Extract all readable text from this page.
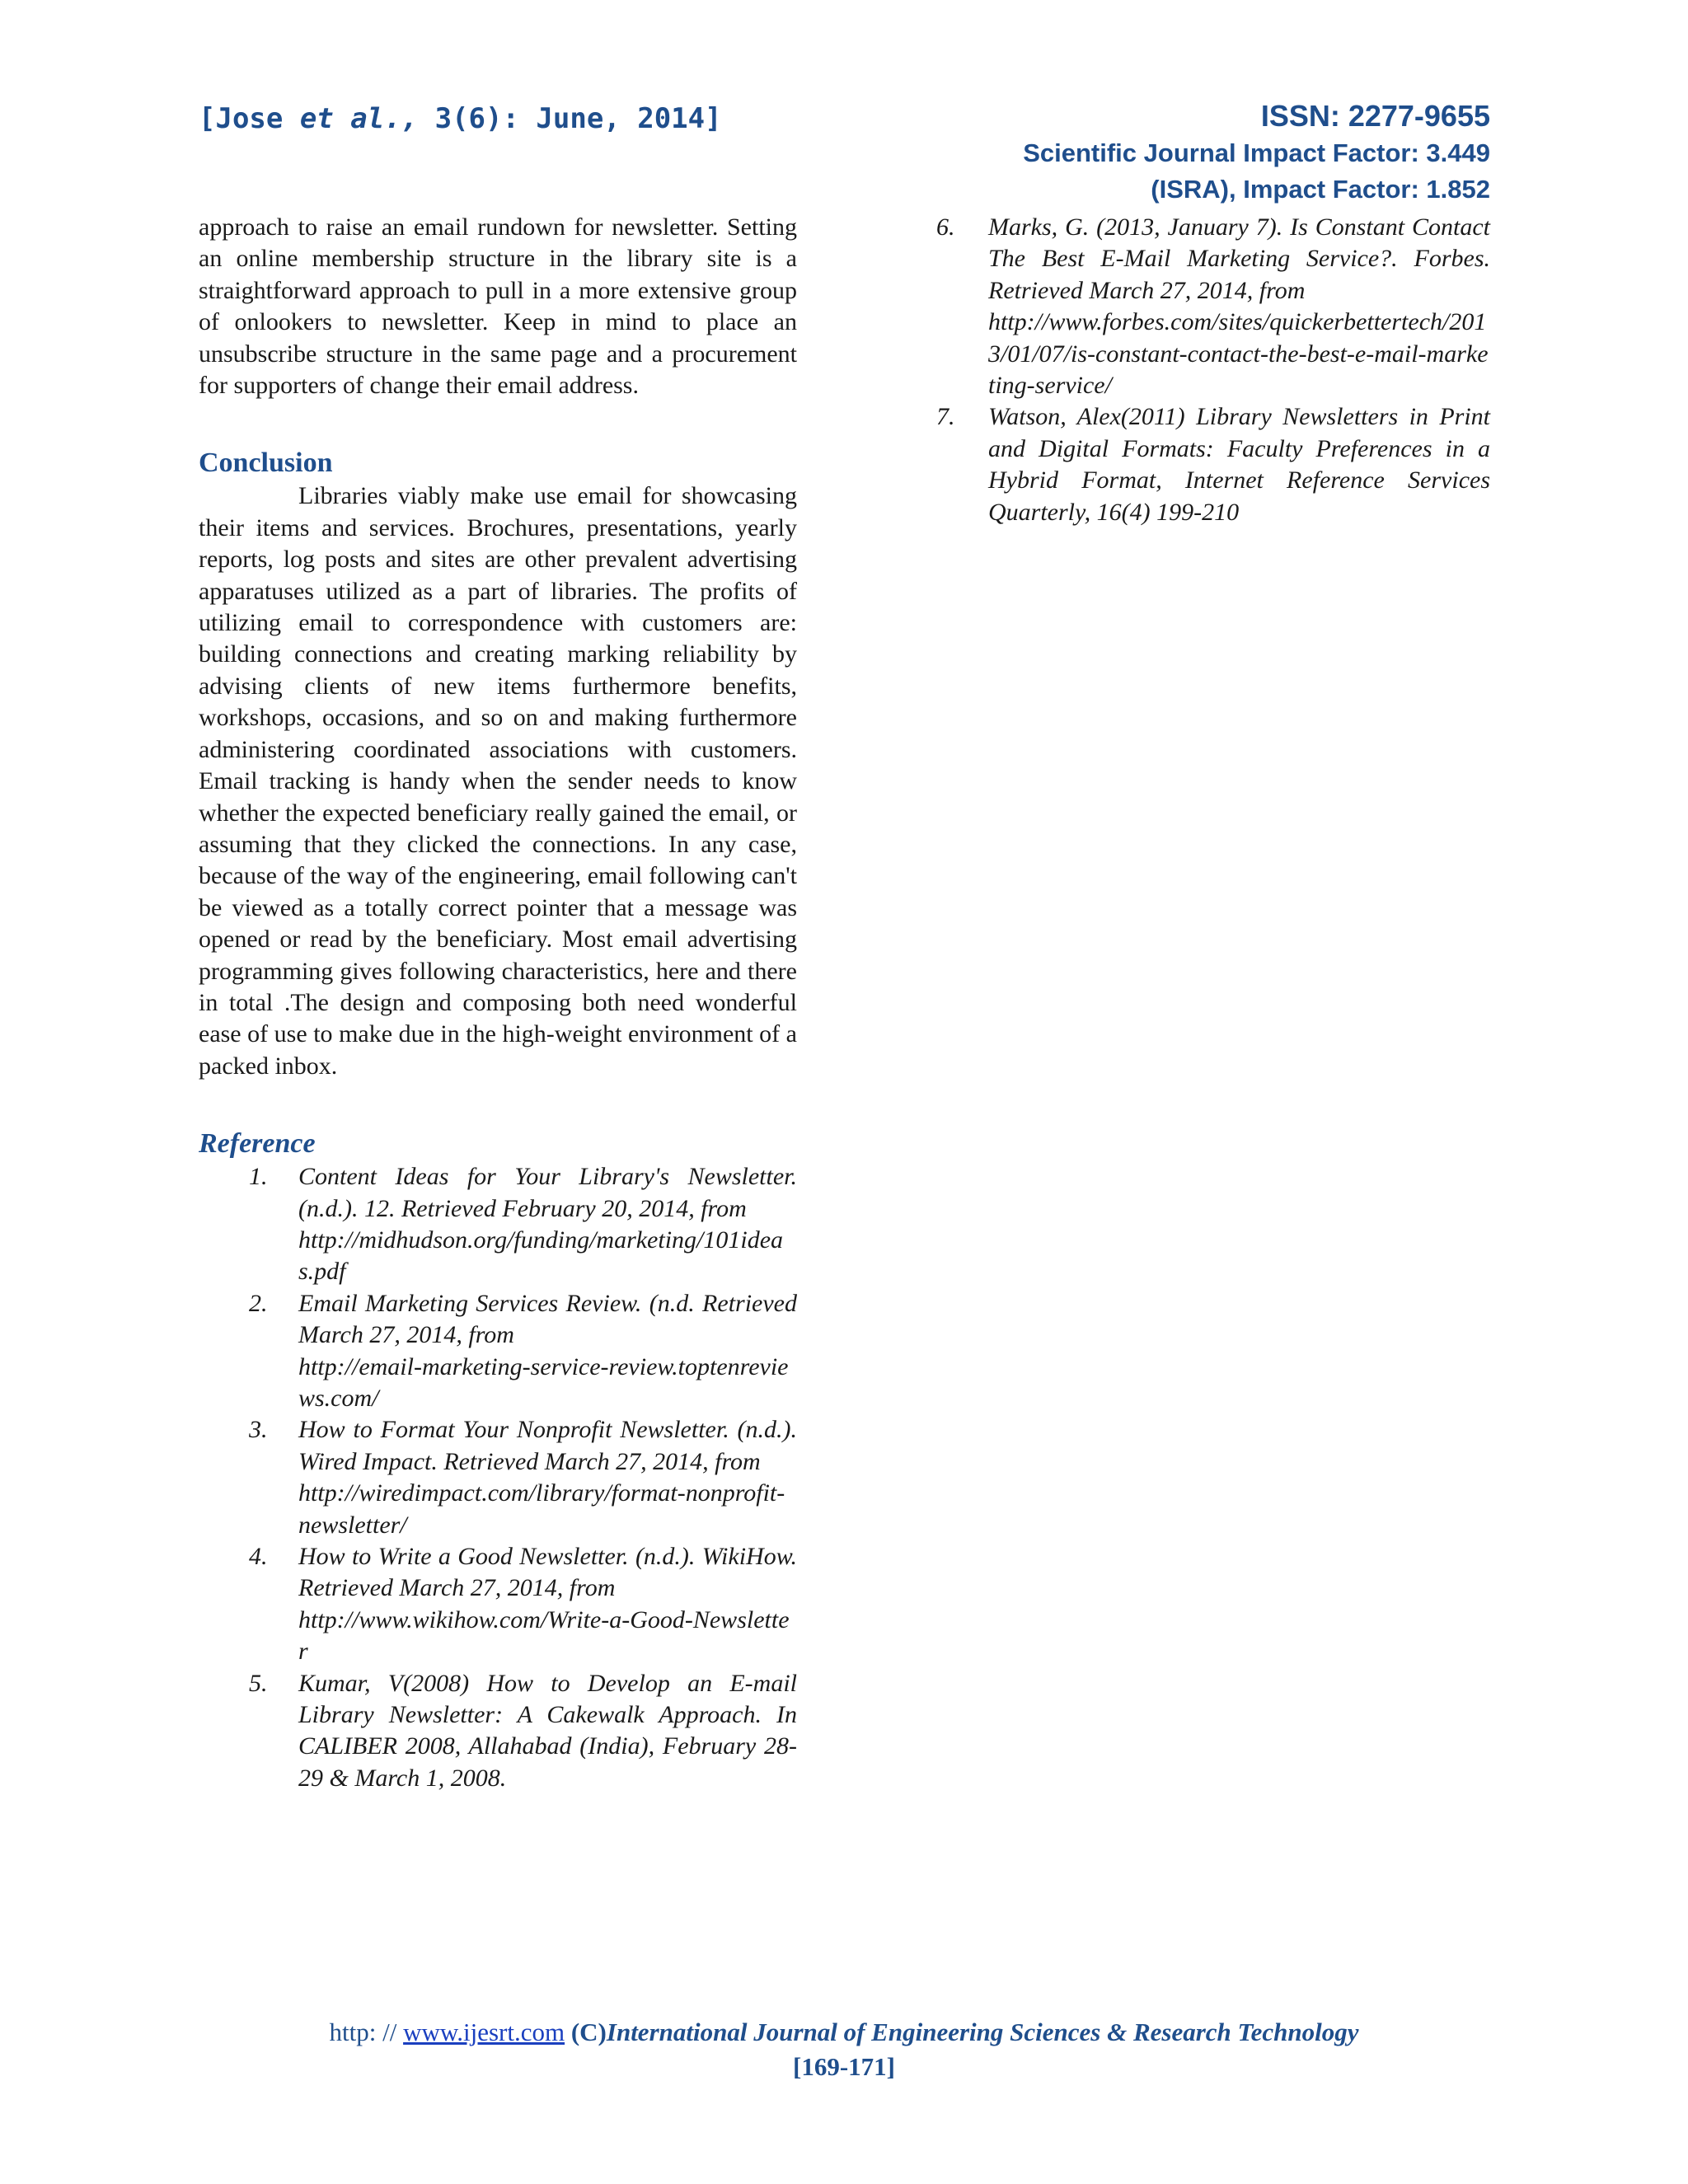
[Jose et al., 3(6): June, 2014]	ISSN: 2277-9655
Scientific Journal Impact Factor: 3.449
(ISRA), Impact Factor: 1.852

approach to raise an email rundown for newsletter. Setting an online membership structure in the library site is a straightforward approach to pull in a more extensive group of onlookers to newsletter. Keep in mind to place an unsubscribe structure in the same page and a procurement for supporters of change their email address.

Conclusion

Libraries viably make use email for showcasing their items and services. Brochures, presentations, yearly reports, log posts and sites are other prevalent advertising apparatuses utilized as a part of libraries. The profits of utilizing email to correspondence with customers are: building connections and creating marking reliability by advising clients of new items furthermore benefits, workshops, occasions, and so on and making furthermore administering coordinated associations with customers. Email tracking is handy when the sender needs to know whether the expected beneficiary really gained the email, or assuming that they clicked the connections. In any case, because of the way of the engineering, email following can't be viewed as a totally correct pointer that a message was opened or read by the beneficiary. Most email advertising programming gives following characteristics, here and there in total .The design and composing both need wonderful ease of use to make due in the high-weight environment of a packed inbox.

Reference
1. Content Ideas for Your Library's Newsletter. (n.d.). 12. Retrieved February 20, 2014, from
http://midhudson.org/funding/marketing/101ideas.pdf
2. Email Marketing Services Review. (n.d. Retrieved March 27, 2014, from
http://email-marketing-service-review.toptenreviews.com/
3. How to Format Your Nonprofit Newsletter. (n.d.). Wired Impact. Retrieved March 27, 2014, from
http://wiredimpact.com/library/format-nonprofit-newsletter/
4. How to Write a Good Newsletter. (n.d.). WikiHow. Retrieved March 27, 2014, from
http://www.wikihow.com/Write-a-Good-Newsletter
5. Kumar, V(2008) How to Develop an E-mail Library Newsletter: A Cakewalk Approach. In CALIBER 2008, Allahabad (India), February 28-29 & March 1, 2008.
6. Marks, G. (2013, January 7). Is Constant Contact The Best E-Mail Marketing Service?. Forbes. Retrieved March 27, 2014, from
http://www.forbes.com/sites/quickerbettertech/2013/01/07/is-constant-contact-the-best-e-mail-marketing-service/
7. Watson, Alex(2011) Library Newsletters in Print and Digital Formats: Faculty Preferences in a Hybrid Format, Internet Reference Services Quarterly, 16(4) 199-210
http: // www.ijesrt.com (C)International Journal of Engineering Sciences & Research Technology
[169-171]
